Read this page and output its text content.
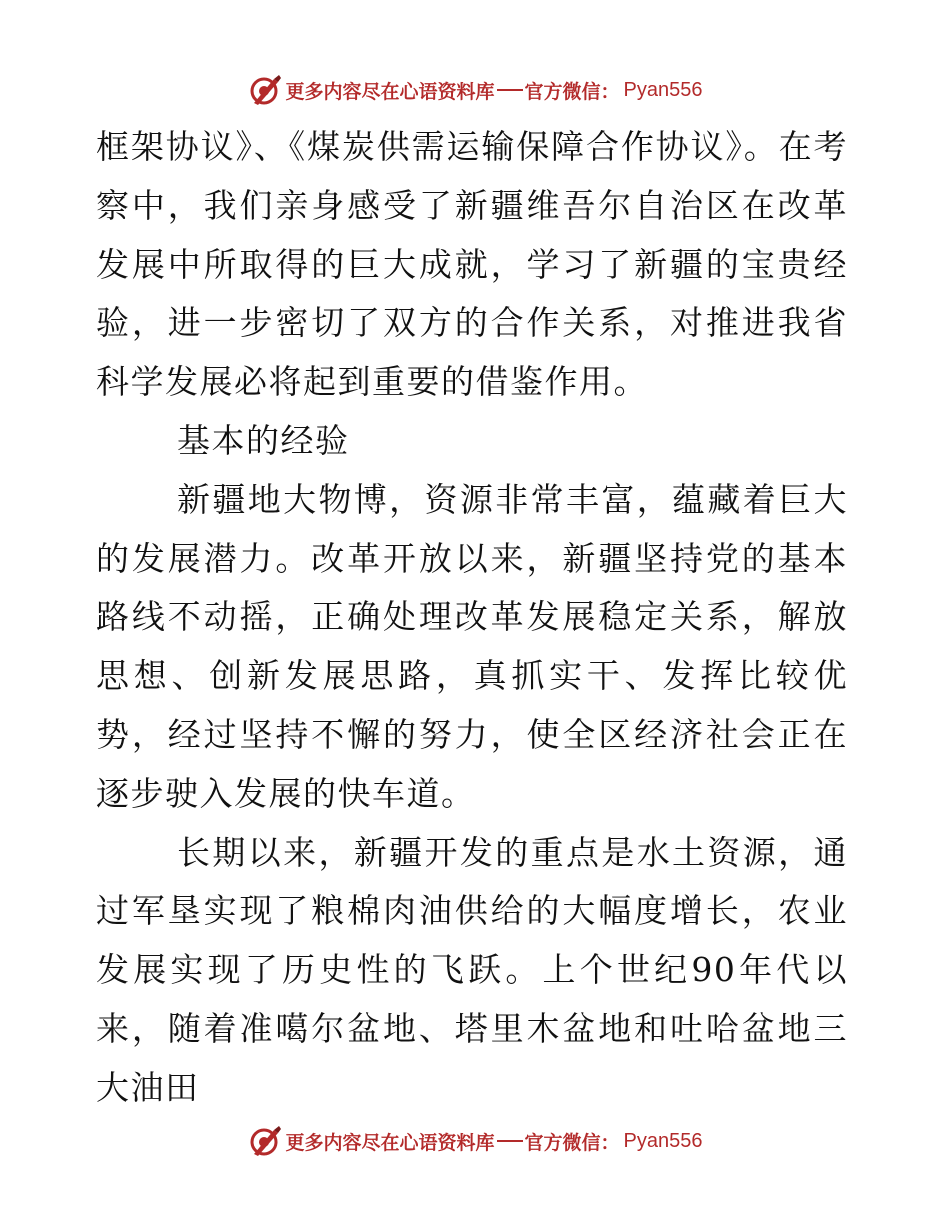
更多内容尽在心语资料库 官方微信： Pyan556

框架协议》、《煤炭供需运输保障合作协议》。在考察中，我们亲身感受了新疆维吾尔自治区在改革发展中所取得的巨大成就，学习了新疆的宝贵经验，进一步密切了双方的合作关系，对推进我省科学发展必将起到重要的借鉴作用。

基本的经验

新疆地大物博，资源非常丰富，蕴藏着巨大的发展潜力。改革开放以来，新疆坚持党的基本路线不动摇，正确处理改革发展稳定关系，解放思想、创新发展思路，真抓实干、发挥比较优势，经过坚持不懈的努力，使全区经济社会正在逐步驶入发展的快车道。

长期以来，新疆开发的重点是水土资源，通过军垦实现了粮棉肉油供给的大幅度增长，农业发展实现了历史性的飞跃。上个世纪90年代以来，随着准噶尔盆地、塔里木盆地和吐哈盆地三大油田

更多内容尽在心语资料库 官方微信： Pyan556
